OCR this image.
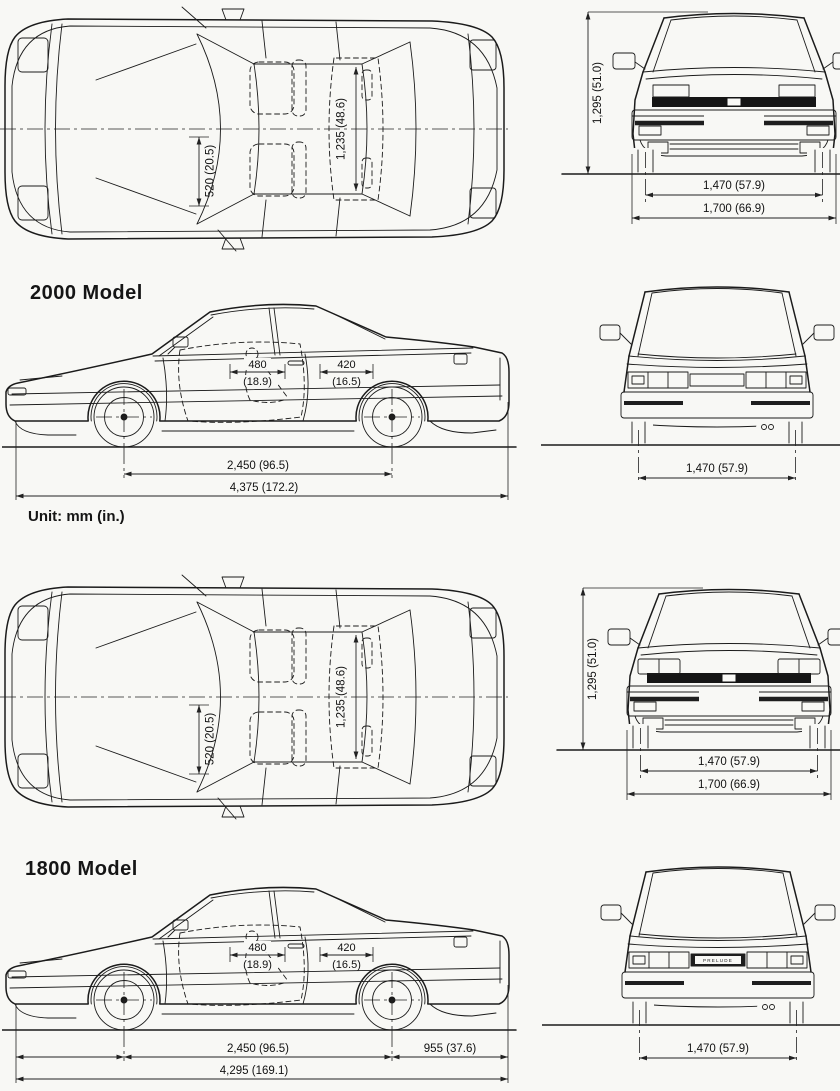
520 (20.5)
1,235 (48.6)
1,295 (51.0)
1,470 (57.9)
1,700 (66.9)
2000 Model
480
(18.9)
420
(16.5)
2,450 (96.5)
4,375 (172.2)
Unit: mm (in.)
1,470 (57.9)
520 (20.5)
1,235 (48.6)	1,295 (51.0)
1,470 (57.9)
1,700 (66.9)
1800 Model
480
(18.9)
420
(16.5)
2,450 (96.5)	955 (37.6)
4,295 (169.1)
PRELUDE
1,470 (57.9)
